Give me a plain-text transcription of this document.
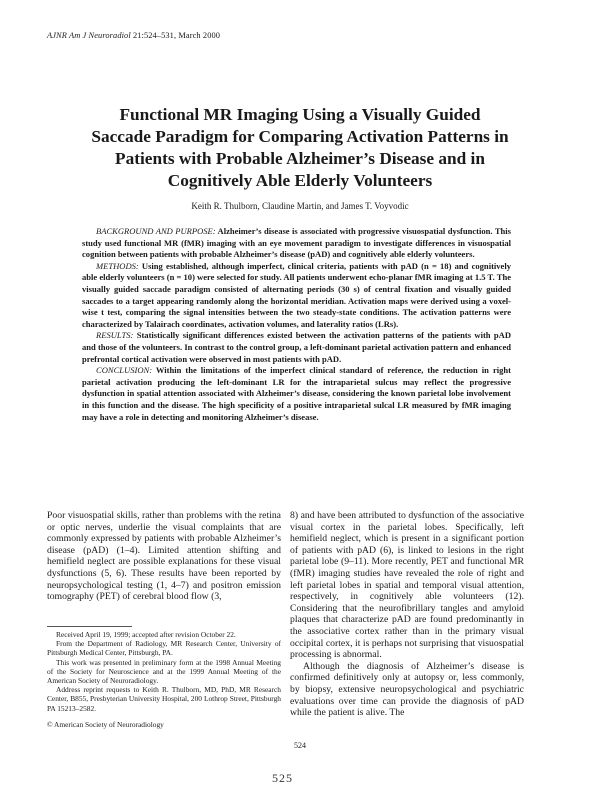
AJNR Am J Neuroradiol 21:524–531, March 2000
Functional MR Imaging Using a Visually Guided
Saccade Paradigm for Comparing Activation Patterns in
Patients with Probable Alzheimer’s Disease and in
Cognitively Able Elderly Volunteers
Keith R. Thulborn, Claudine Martin, and James T. Voyvodic

BACKGROUND AND PURPOSE: Alzheimer’s disease is associated with progressive visuospatial dysfunction. This study used functional MR (fMR) imaging with an eye movement paradigm to investigate differences in visuospatial cognition between patients with probable Alzheimer’s disease (pAD) and cognitively able elderly volunteers.

METHODS: Using established, although imperfect, clinical criteria, patients with pAD (n = 18) and cognitively able elderly volunteers (n = 10) were selected for study. All patients underwent echo-planar fMR imaging at 1.5 T. The visually guided saccade paradigm consisted of alternating periods (30 s) of central fixation and visually guided saccades to a target appearing randomly along the horizontal meridian. Activation maps were derived using a voxel-wise t test, comparing the signal intensities between the two steady-state conditions. The activation patterns were characterized by Talairach coordinates, activation volumes, and laterality ratios (LRs).

RESULTS: Statistically significant differences existed between the activation patterns of the patients with pAD and those of the volunteers. In contrast to the control group, a left-dominant parietal activation pattern and enhanced prefrontal cortical activation were observed in most patients with pAD.

CONCLUSION: Within the limitations of the imperfect clinical standard of reference, the reduction in right parietal activation producing the left-dominant LR for the intraparietal sulcus may reflect the progressive dysfunction in spatial attention associated with Alzheimer’s disease, considering the known parietal lobe involvement in this function and the disease. The high specificity of a positive intraparietal sulcal LR measured by fMR imaging may have a role in detecting and monitoring Alzheimer’s disease.

Poor visuospatial skills, rather than problems with the retina or optic nerves, underlie the visual complaints that are commonly expressed by patients with probable Alzheimer’s disease (pAD) (1–4). Limited attention shifting and hemifield neglect are possible explanations for these visual dysfunctions (5, 6). These results have been reported by neuropsychological testing (1, 4–7) and positron emission tomography (PET) of cerebral blood flow (3,

Received April 19, 1999; accepted after revision October 22.

From the Department of Radiology, MR Research Center, University of Pittsburgh Medical Center, Pittsburgh, PA.

This work was presented in preliminary form at the 1998 Annual Meeting of the Society for Neuroscience and at the 1999 Annual Meeting of the American Society of Neuroradiology.

Address reprint requests to Keith R. Thulborn, MD, PhD, MR Research Center, B855, Presbyterian University Hospital, 200 Lothrop Street, Pittsburgh PA 15213–2582.

© American Society of Neuroradiology

8) and have been attributed to dysfunction of the associative visual cortex in the parietal lobes. Specifically, left hemifield neglect, which is present in a significant portion of patients with pAD (6), is linked to lesions in the right parietal lobe (9–11). More recently, PET and functional MR (fMR) imaging studies have revealed the role of right and left parietal lobes in spatial and temporal visual attention, respectively, in cognitively able volunteers (12). Considering that the neurofibrillary tangles and amyloid plaques that characterize pAD are found predominantly in the associative cortex rather than in the primary visual occipital cortex, it is perhaps not surprising that visuospatial processing is abnormal.

Although the diagnosis of Alzheimer’s disease is confirmed definitively only at autopsy or, less commonly, by biopsy, extensive neuropsychological and psychiatric evaluations over time can provide the diagnosis of pAD while the patient is alive. The

524
525
